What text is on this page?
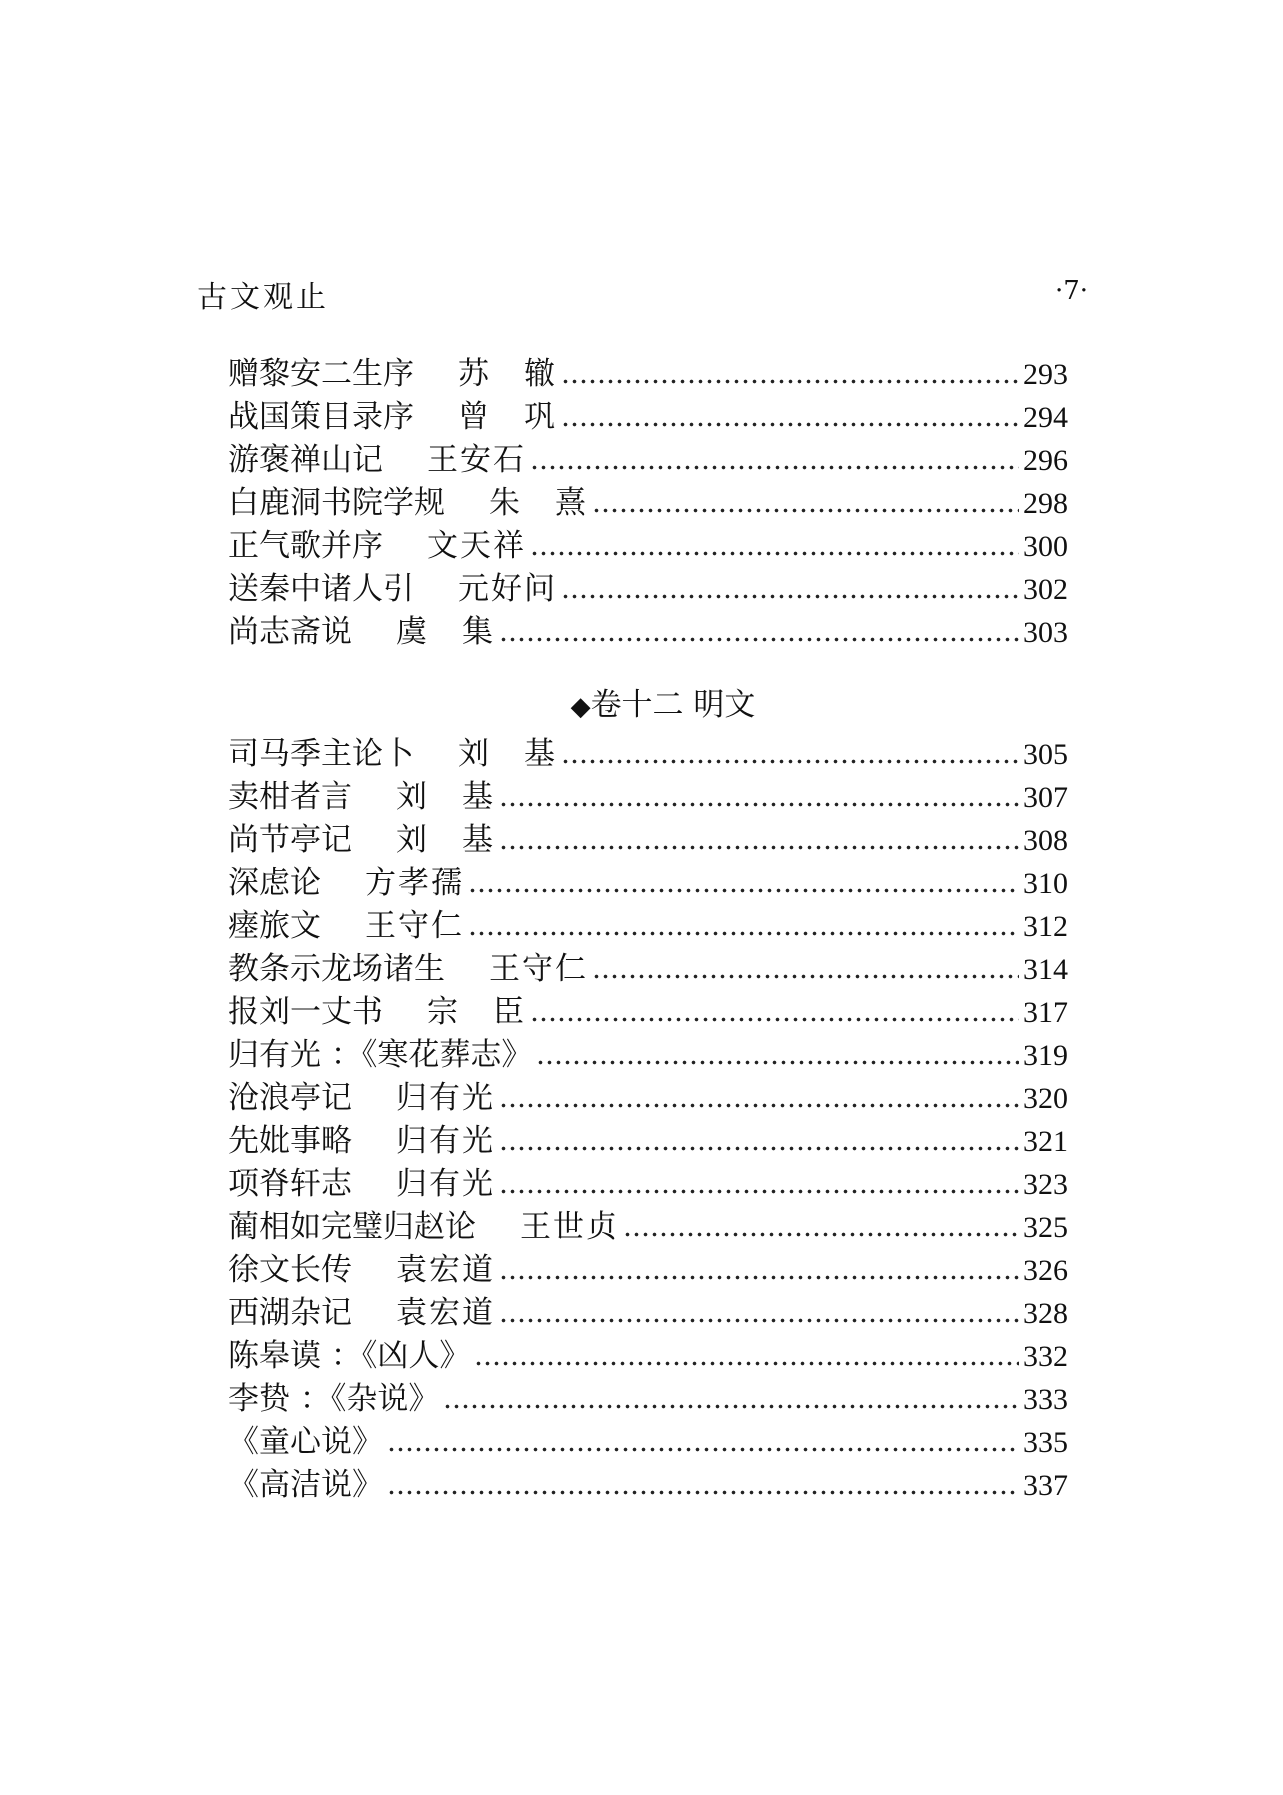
古文观止	·7·
赠黎安二生序 苏　辙	293
战国策目录序 曾　巩	294
游褒禅山记 王安石	296
白鹿洞书院学规 朱　熹	298
正气歌并序 文天祥	300
送秦中诸人引 元好问	302
尚志斋说 虞　集	303
◆卷十二 明文
司马季主论卜 刘　基	305
卖柑者言 刘　基	307
尚节亭记 刘　基	308
深虑论 方孝孺	310
瘗旅文 王守仁	312
教条示龙场诸生 王守仁	314
报刘一丈书 宗　臣	317
归有光 ：《寒花葬志》	319
沧浪亭记 归有光	320
先妣事略 归有光	321
项脊轩志 归有光	323
蔺相如完璧归赵论 王世贞	325
徐文长传 袁宏道	326
西湖杂记 袁宏道	328
陈皋谟 ：《凶人》	332
李贽 ：《杂说》	333
《童心说》	335
《高洁说》	337
